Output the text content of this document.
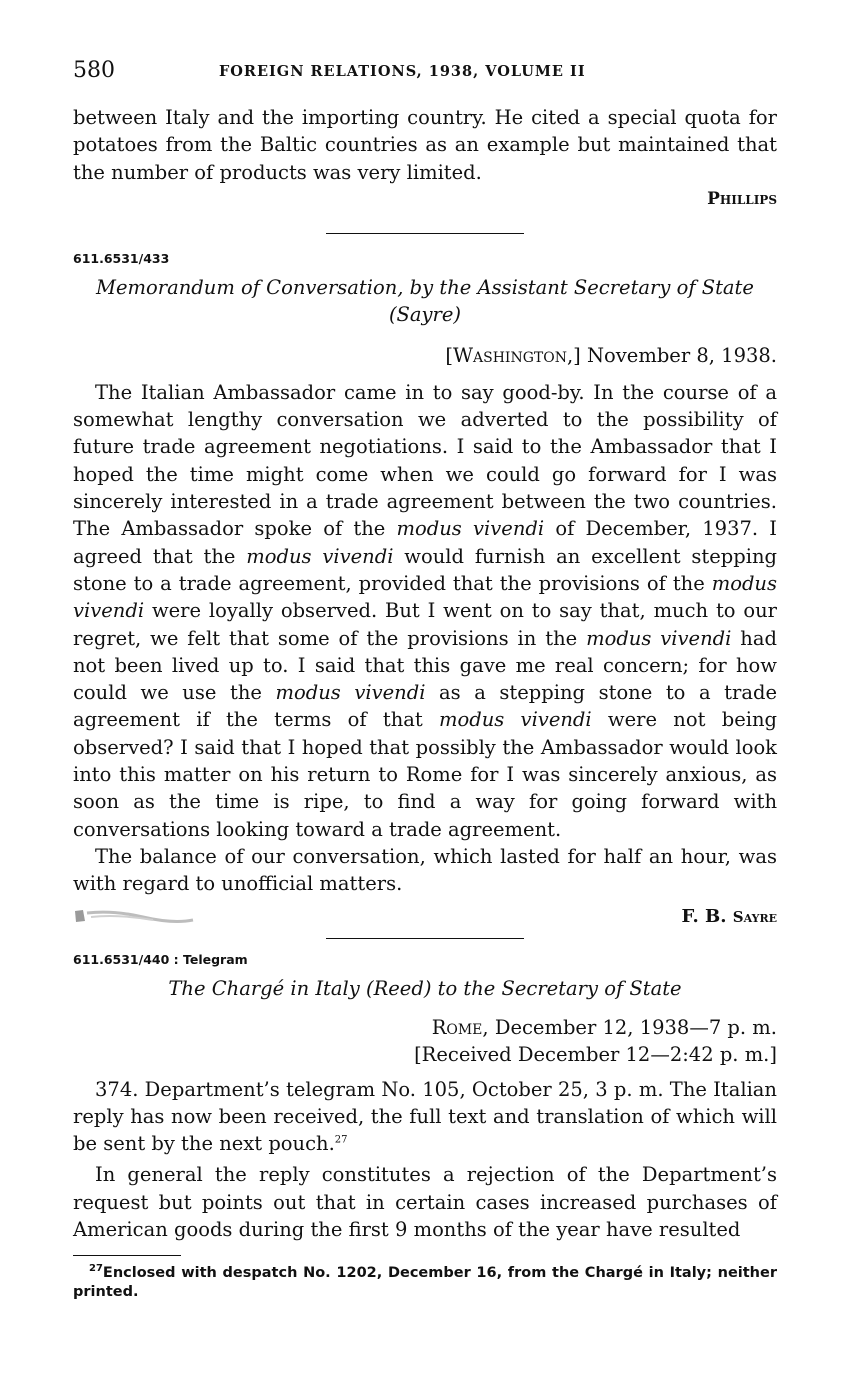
580	FOREIGN RELATIONS, 1938, VOLUME II

between Italy and the importing country. He cited a special quota for potatoes from the Baltic countries as an example but maintained that the number of products was very limited.

Phillips

611.6531/433
Memorandum of Conversation, by the Assistant Secretary of State (Sayre)
[Washington,] November 8, 1938.

The Italian Ambassador came in to say good-by. In the course of a somewhat lengthy conversation we adverted to the possibility of future trade agreement negotiations. I said to the Ambassador that I hoped the time might come when we could go forward for I was sincerely interested in a trade agreement between the two countries. The Ambassador spoke of the modus vivendi of December, 1937. I agreed that the modus vivendi would furnish an excellent stepping stone to a trade agreement, provided that the provisions of the modus vivendi were loyally observed. But I went on to say that, much to our regret, we felt that some of the provisions in the modus vivendi had not been lived up to. I said that this gave me real concern; for how could we use the modus vivendi as a stepping stone to a trade agreement if the terms of that modus vivendi were not being observed? I said that I hoped that possibly the Ambassador would look into this matter on his return to Rome for I was sincerely anxious, as soon as the time is ripe, to find a way for going forward with conversations looking toward a trade agreement.

The balance of our conversation, which lasted for half an hour, was with regard to unofficial matters.

F. B. Sayre
611.6531/440 : Telegram
The Chargé in Italy (Reed) to the Secretary of State
Rome, December 12, 1938—7 p. m.
[Received December 12—2:42 p. m.]

374. Department’s telegram No. 105, October 25, 3 p. m. The Italian reply has now been received, the full text and translation of which will be sent by the next pouch.$^{27}$

In general the reply constitutes a rejection of the Department’s request but points out that in certain cases increased purchases of American goods during the first 9 months of the year have resulted

$^{27}$Enclosed with despatch No. 1202, December 16, from the Chargé in Italy; neither printed.
